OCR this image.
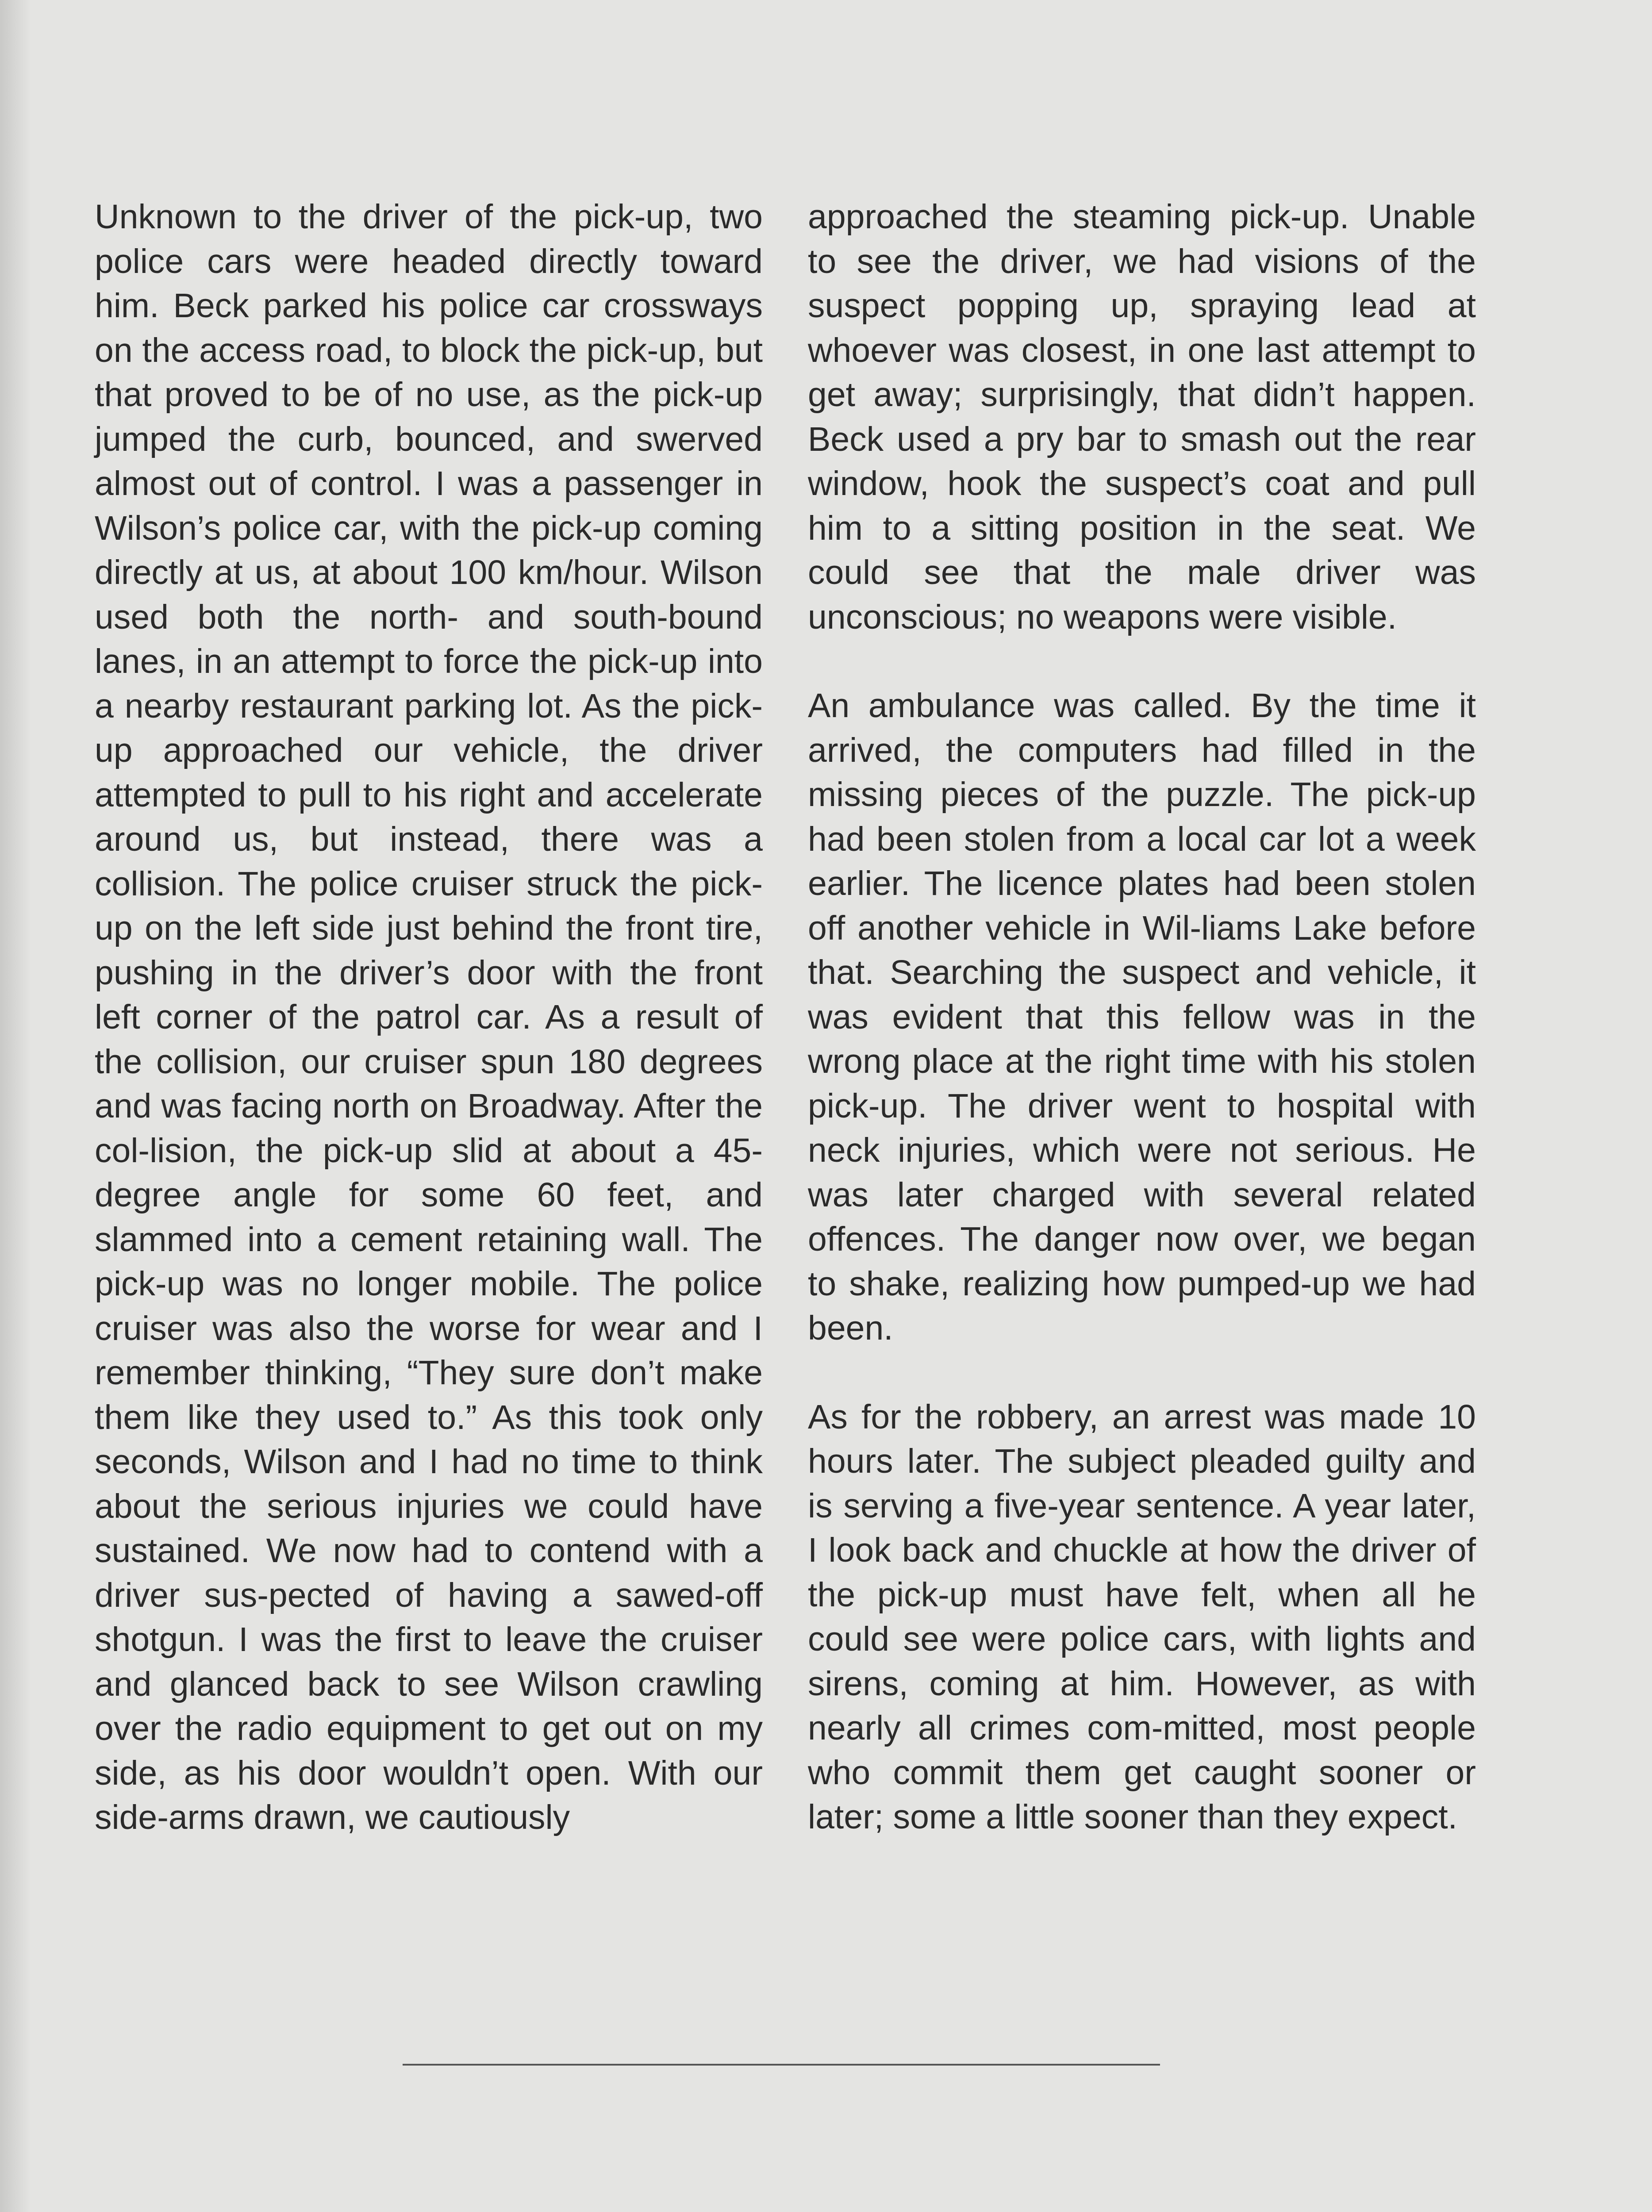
Unknown to the driver of the pick-up, two police cars were headed directly toward him. Beck parked his police car crossways on the access road, to block the pick-up, but that proved to be of no use, as the pick-up jumped the curb, bounced, and swerved almost out of control. I was a passenger in Wilson’s police car, with the pick-up coming directly at us, at about 100 km/hour. Wilson used both the north- and south-bound lanes, in an attempt to force the pick-up into a nearby restaurant parking lot. As the pick-up approached our vehicle, the driver attempted to pull to his right and accelerate around us, but instead, there was a collision. The police cruiser struck the pick-up on the left side just behind the front tire, pushing in the driver’s door with the front left corner of the patrol car. As a result of the collision, our cruiser spun 180 degrees and was facing north on Broadway. After the col-lision, the pick-up slid at about a 45-degree angle for some 60 feet, and slammed into a cement retaining wall. The pick-up was no longer mobile. The police cruiser was also the worse for wear and I remember thinking, “They sure don’t make them like they used to.” As this took only seconds, Wilson and I had no time to think about the serious injuries we could have sustained. We now had to contend with a driver sus-pected of having a sawed-off shotgun. I was the first to leave the cruiser and glanced back to see Wilson crawling over the radio equipment to get out on my side, as his door wouldn’t open. With our side-arms drawn, we cautiously

approached the steaming pick-up. Unable to see the driver, we had visions of the suspect popping up, spraying lead at whoever was closest, in one last attempt to get away; surprisingly, that didn’t happen. Beck used a pry bar to smash out the rear window, hook the suspect’s coat and pull him to a sitting position in the seat. We could see that the male driver was unconscious; no weapons were visible.

An ambulance was called. By the time it arrived, the computers had filled in the missing pieces of the puzzle. The pick-up had been stolen from a local car lot a week earlier. The licence plates had been stolen off another vehicle in Wil-liams Lake before that. Searching the suspect and vehicle, it was evident that this fellow was in the wrong place at the right time with his stolen pick-up. The driver went to hospital with neck injuries, which were not serious. He was later charged with several related offences. The danger now over, we began to shake, realizing how pumped-up we had been.

As for the robbery, an arrest was made 10 hours later. The subject pleaded guilty and is serving a five-year sentence. A year later, I look back and chuckle at how the driver of the pick-up must have felt, when all he could see were police cars, with lights and sirens, coming at him. However, as with nearly all crimes com-mitted, most people who commit them get caught sooner or later; some a little sooner than they expect.
